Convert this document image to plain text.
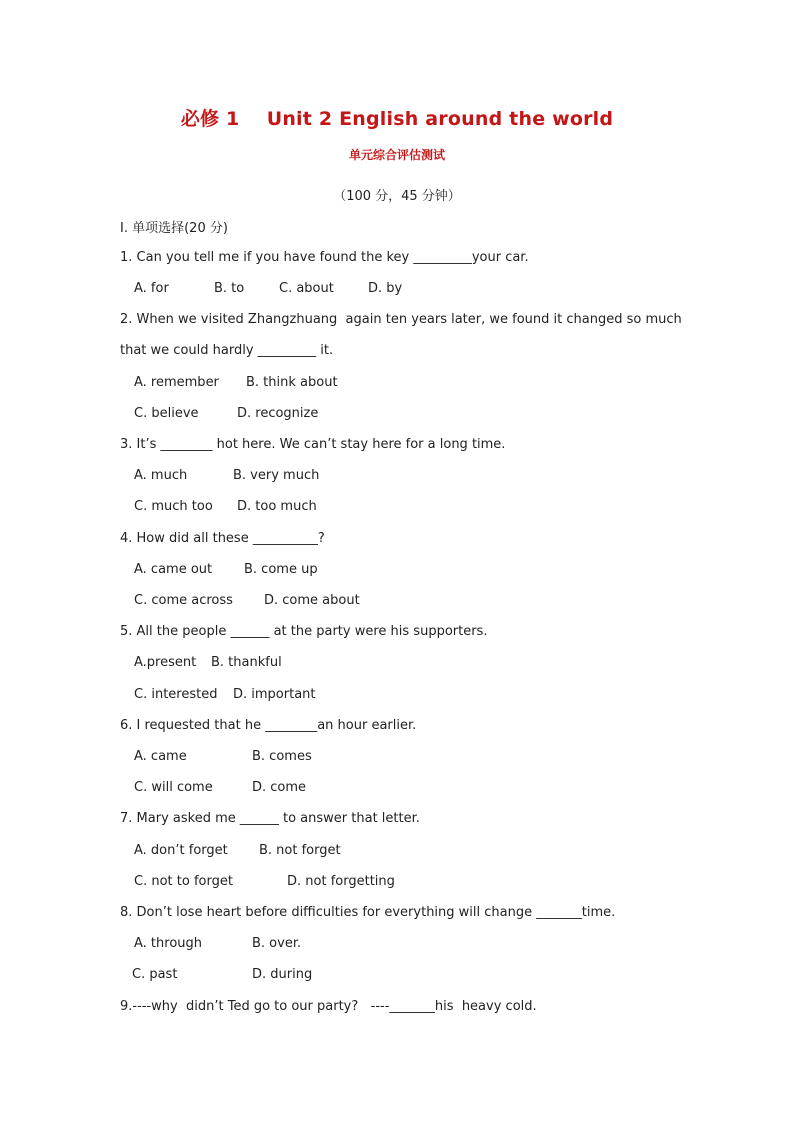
必修 1    Unit 2 English around the world
单元综合评估测试
（100 分，45 分钟）
I. 单项选择(20 分)
1. Can you tell me if you have found the key _________your car.
A. for	B. to	C. about	D. by
2. When we visited Zhangzhuang  again ten years later, we found it changed so much
that we could hardly _________ it.
A. remember B. think about
C. believe	D. recognize
3. It’s ________ hot here. We can’t stay here for a long time.
A. much	B. very much
C. much too D. too much
4. How did all these __________?
A. came out B. come up
C. come across D. come about
5. All the people ______ at the party were his supporters.
A.present B. thankful
C. interested D. important
6. I requested that he ________an hour earlier.
A. came	B. comes
C. will come	D. come
7. Mary asked me ______ to answer that letter.
A. don’t forget B. not forget
C. not to forget	D. not forgetting
8. Don’t lose heart before difficulties for everything will change _______time.
A. through	B. over.
C. past	D. during
9.----why  didn’t Ted go to our party?   ----_______his  heavy cold.
